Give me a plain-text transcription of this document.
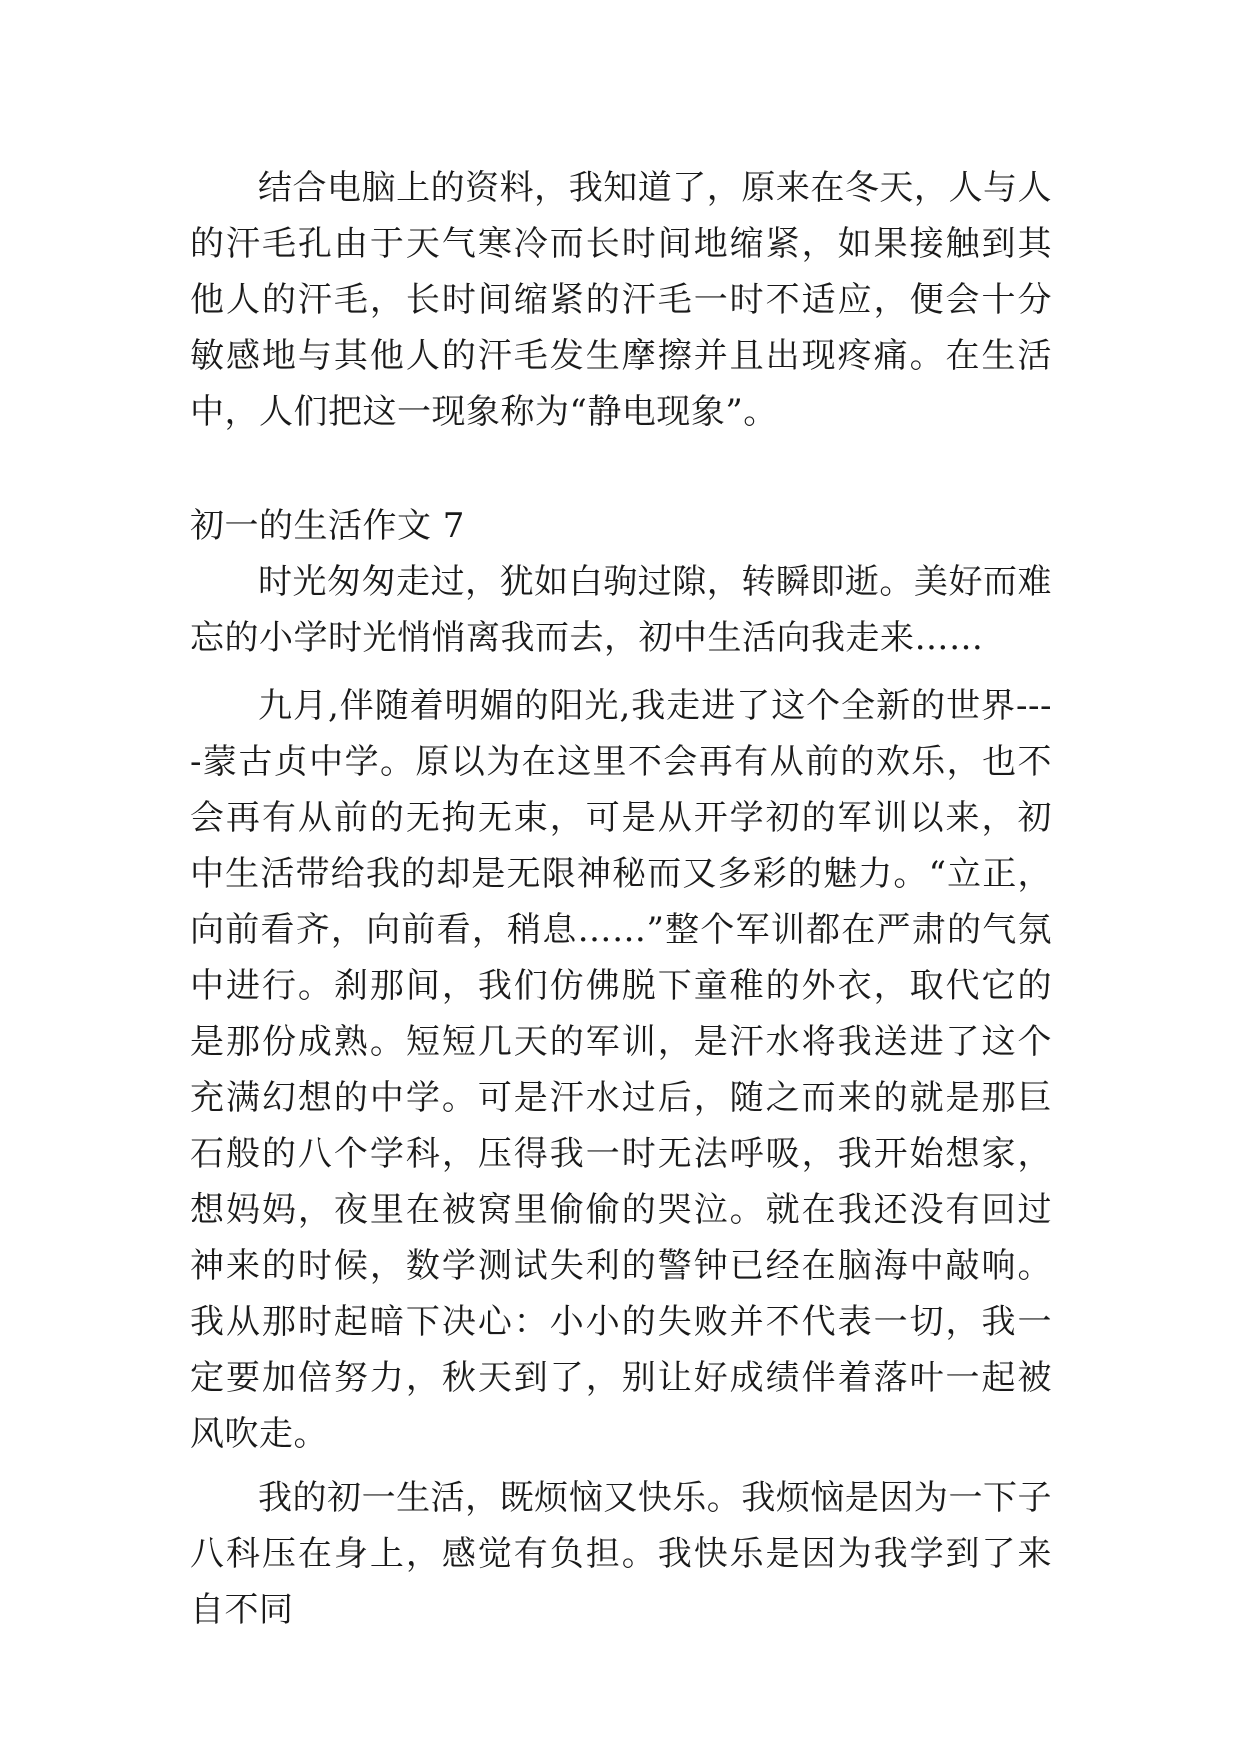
结合电脑上的资料，我知道了，原来在冬天，人与人的汗毛孔由于天气寒冷而长时间地缩紧，如果接触到其他人的汗毛，长时间缩紧的汗毛一时不适应，便会十分敏感地与其他人的汗毛发生摩擦并且出现疼痛。在生活中，人们把这一现象称为“静电现象”。

初一的生活作文 7

时光匆匆走过，犹如白驹过隙，转瞬即逝。美好而难忘的小学时光悄悄离我而去，初中生活向我走来……

九月,伴随着明媚的阳光,我走进了这个全新的世界----蒙古贞中学。原以为在这里不会再有从前的欢乐，也不会再有从前的无拘无束，可是从开学初的军训以来，初中生活带给我的却是无限神秘而又多彩的魅力。“立正，向前看齐，向前看，稍息……”整个军训都在严肃的气氛中进行。刹那间，我们仿佛脱下童稚的外衣，取代它的是那份成熟。短短几天的军训，是汗水将我送进了这个充满幻想的中学。可是汗水过后，随之而来的就是那巨石般的八个学科，压得我一时无法呼吸，我开始想家，想妈妈，夜里在被窝里偷偷的哭泣。就在我还没有回过神来的时候，数学测试失利的警钟已经在脑海中敲响。我从那时起暗下决心：小小的失败并不代表一切，我一定要加倍努力，秋天到了，别让好成绩伴着落叶一起被风吹走。

我的初一生活，既烦恼又快乐。我烦恼是因为一下子八科压在身上，感觉有负担。我快乐是因为我学到了来自不同
